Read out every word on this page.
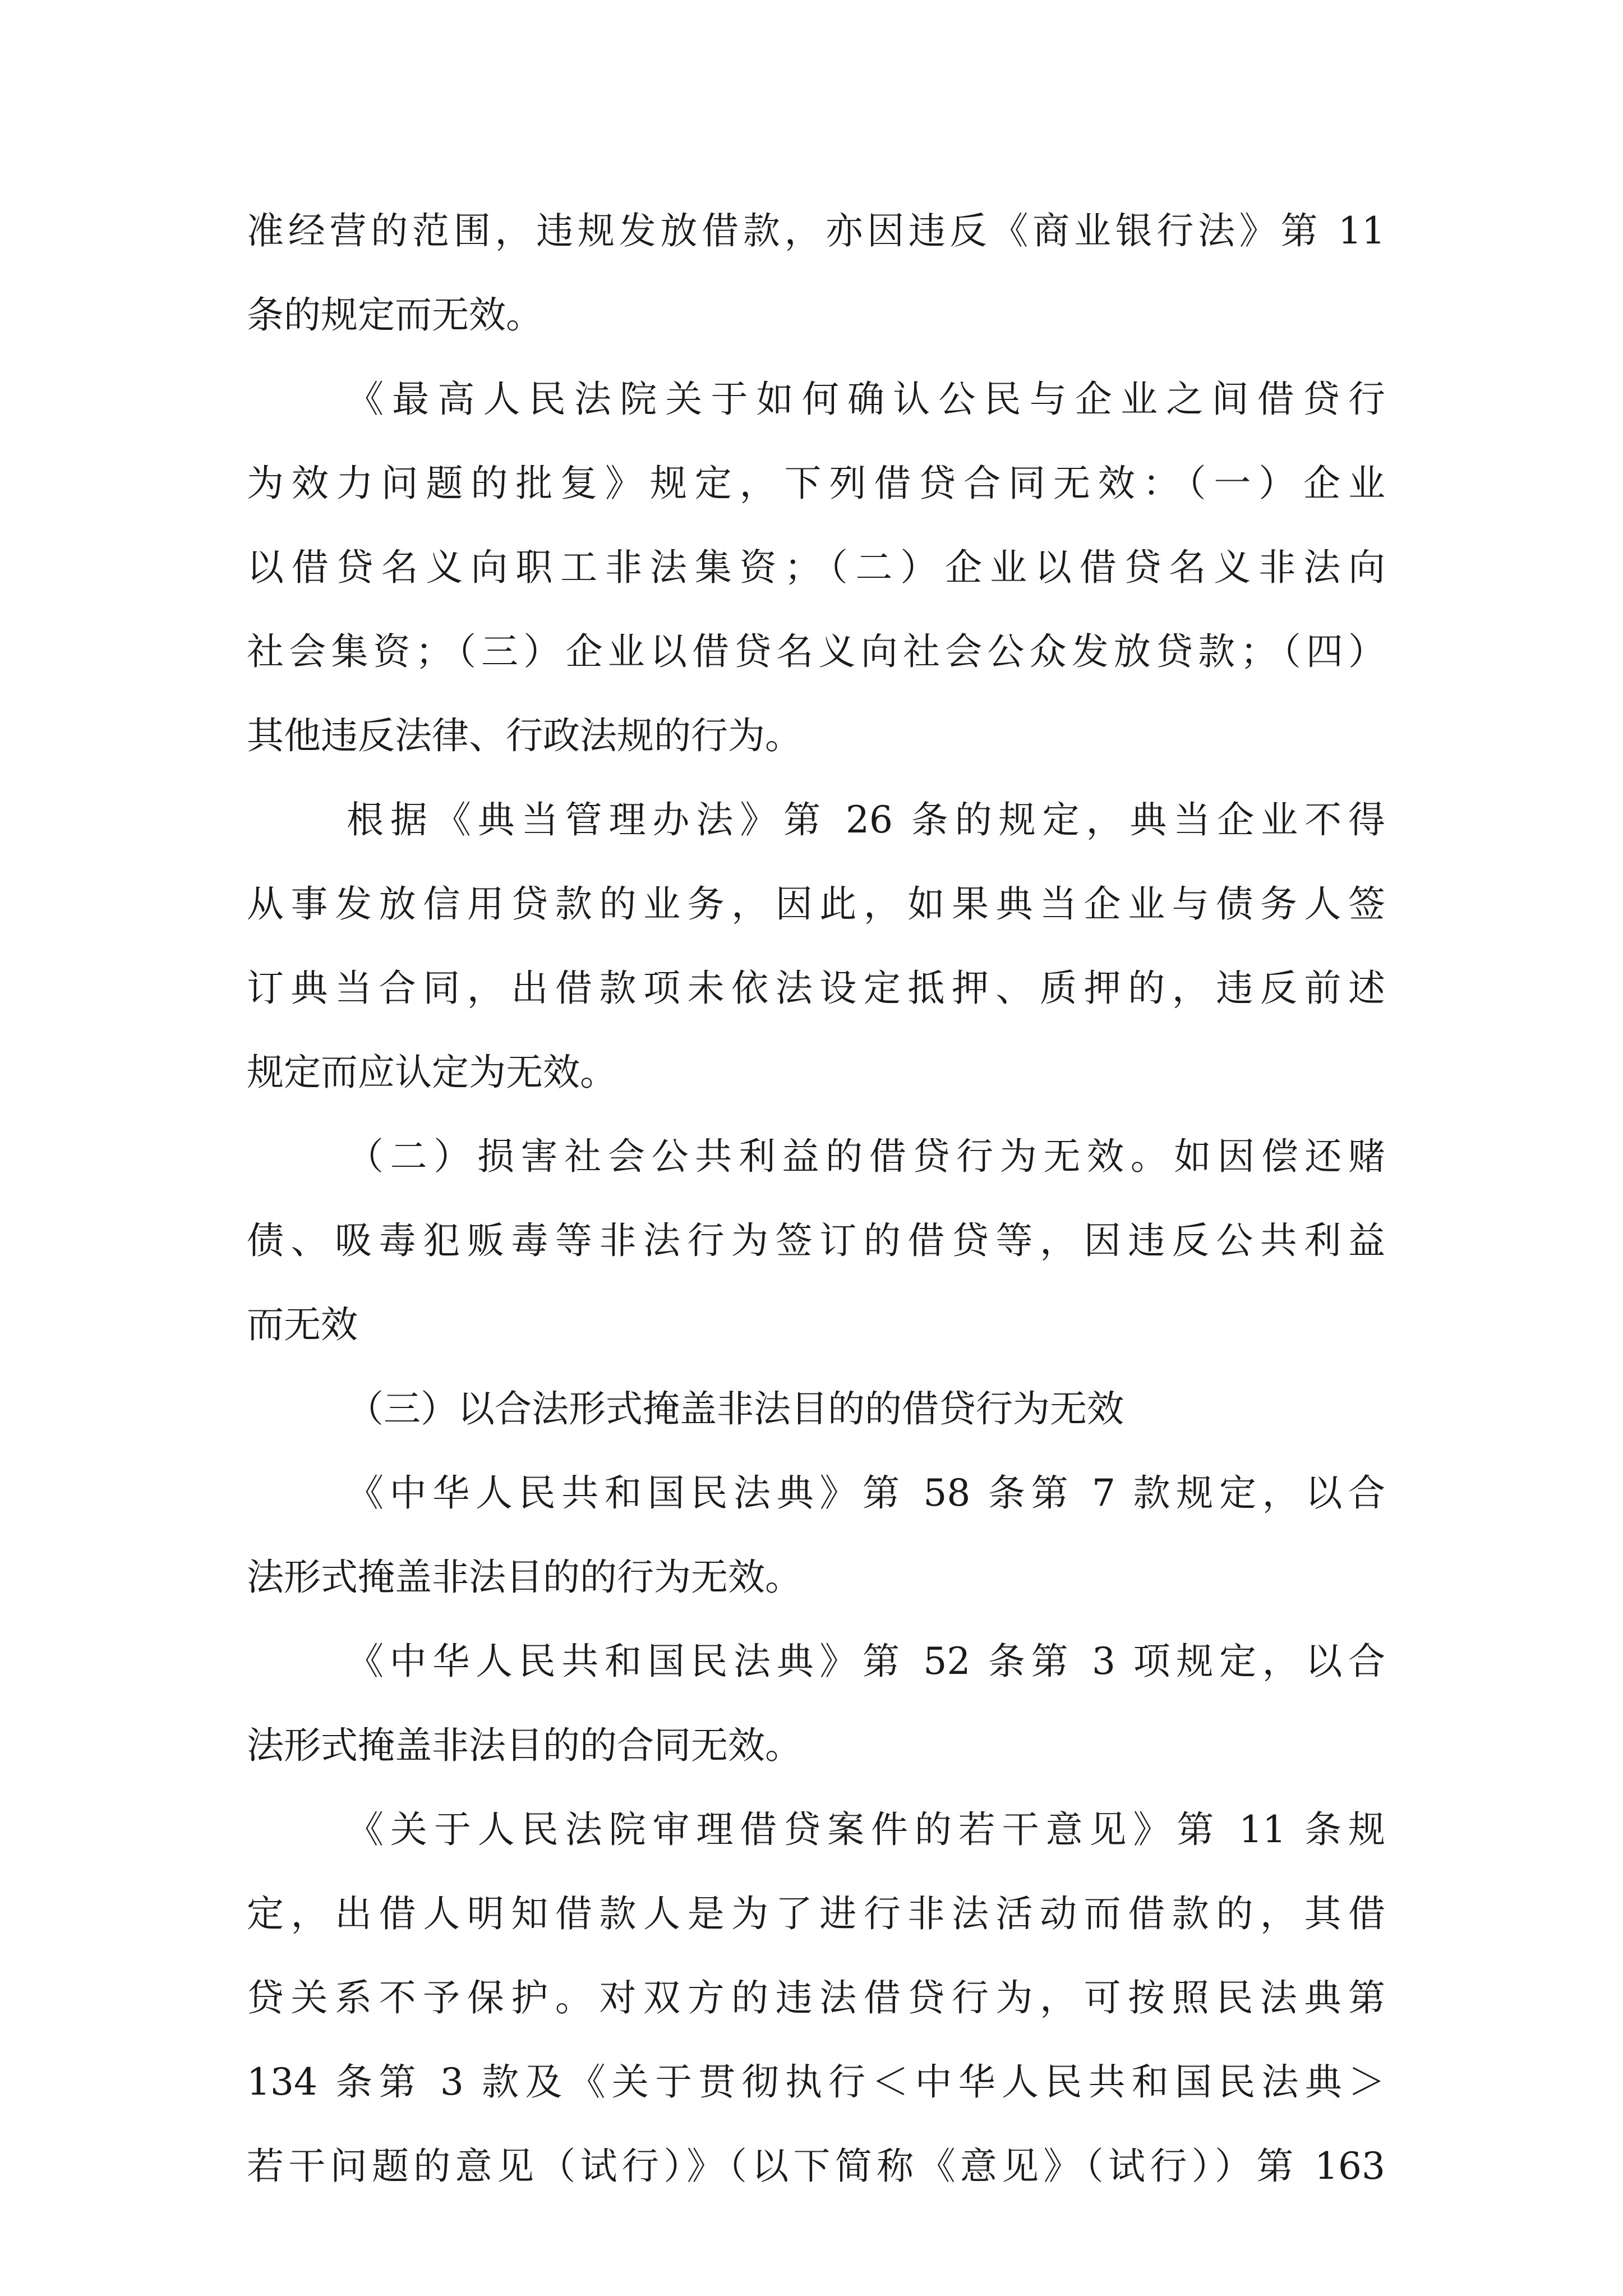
准经营的范围，违规发放借款，亦因违反《商业银行法》第 11
条的规定而无效。
《最高人民法院关于如何确认公民与企业之间借贷行
为效力问题的批复》规定，下列借贷合同无效：（一）企业
以借贷名义向职工非法集资；（二）企业以借贷名义非法向
社会集资；（三）企业以借贷名义向社会公众发放贷款；（四）
其他违反法律、行政法规的行为。
根据《典当管理办法》第 26 条的规定，典当企业不得
从事发放信用贷款的业务，因此，如果典当企业与债务人签
订典当合同，出借款项未依法设定抵押、质押的，违反前述
规定而应认定为无效。
（二）损害社会公共利益的借贷行为无效。如因偿还赌
债、吸毒犯贩毒等非法行为签订的借贷等，因违反公共利益
而无效
（三）以合法形式掩盖非法目的的借贷行为无效
《中华人民共和国民法典》第 58 条第 7 款规定，以合
法形式掩盖非法目的的行为无效。
《中华人民共和国民法典》第 52 条第 3 项规定，以合
法形式掩盖非法目的的合同无效。
《关于人民法院审理借贷案件的若干意见》第 11 条规
定，出借人明知借款人是为了进行非法活动而借款的，其借
贷关系不予保护。对双方的违法借贷行为，可按照民法典第
134 条第 3 款及《关于贯彻执行＜中华人民共和国民法典＞
若干问题的意见（试行）》（以下简称《意见》（试行））第 163
